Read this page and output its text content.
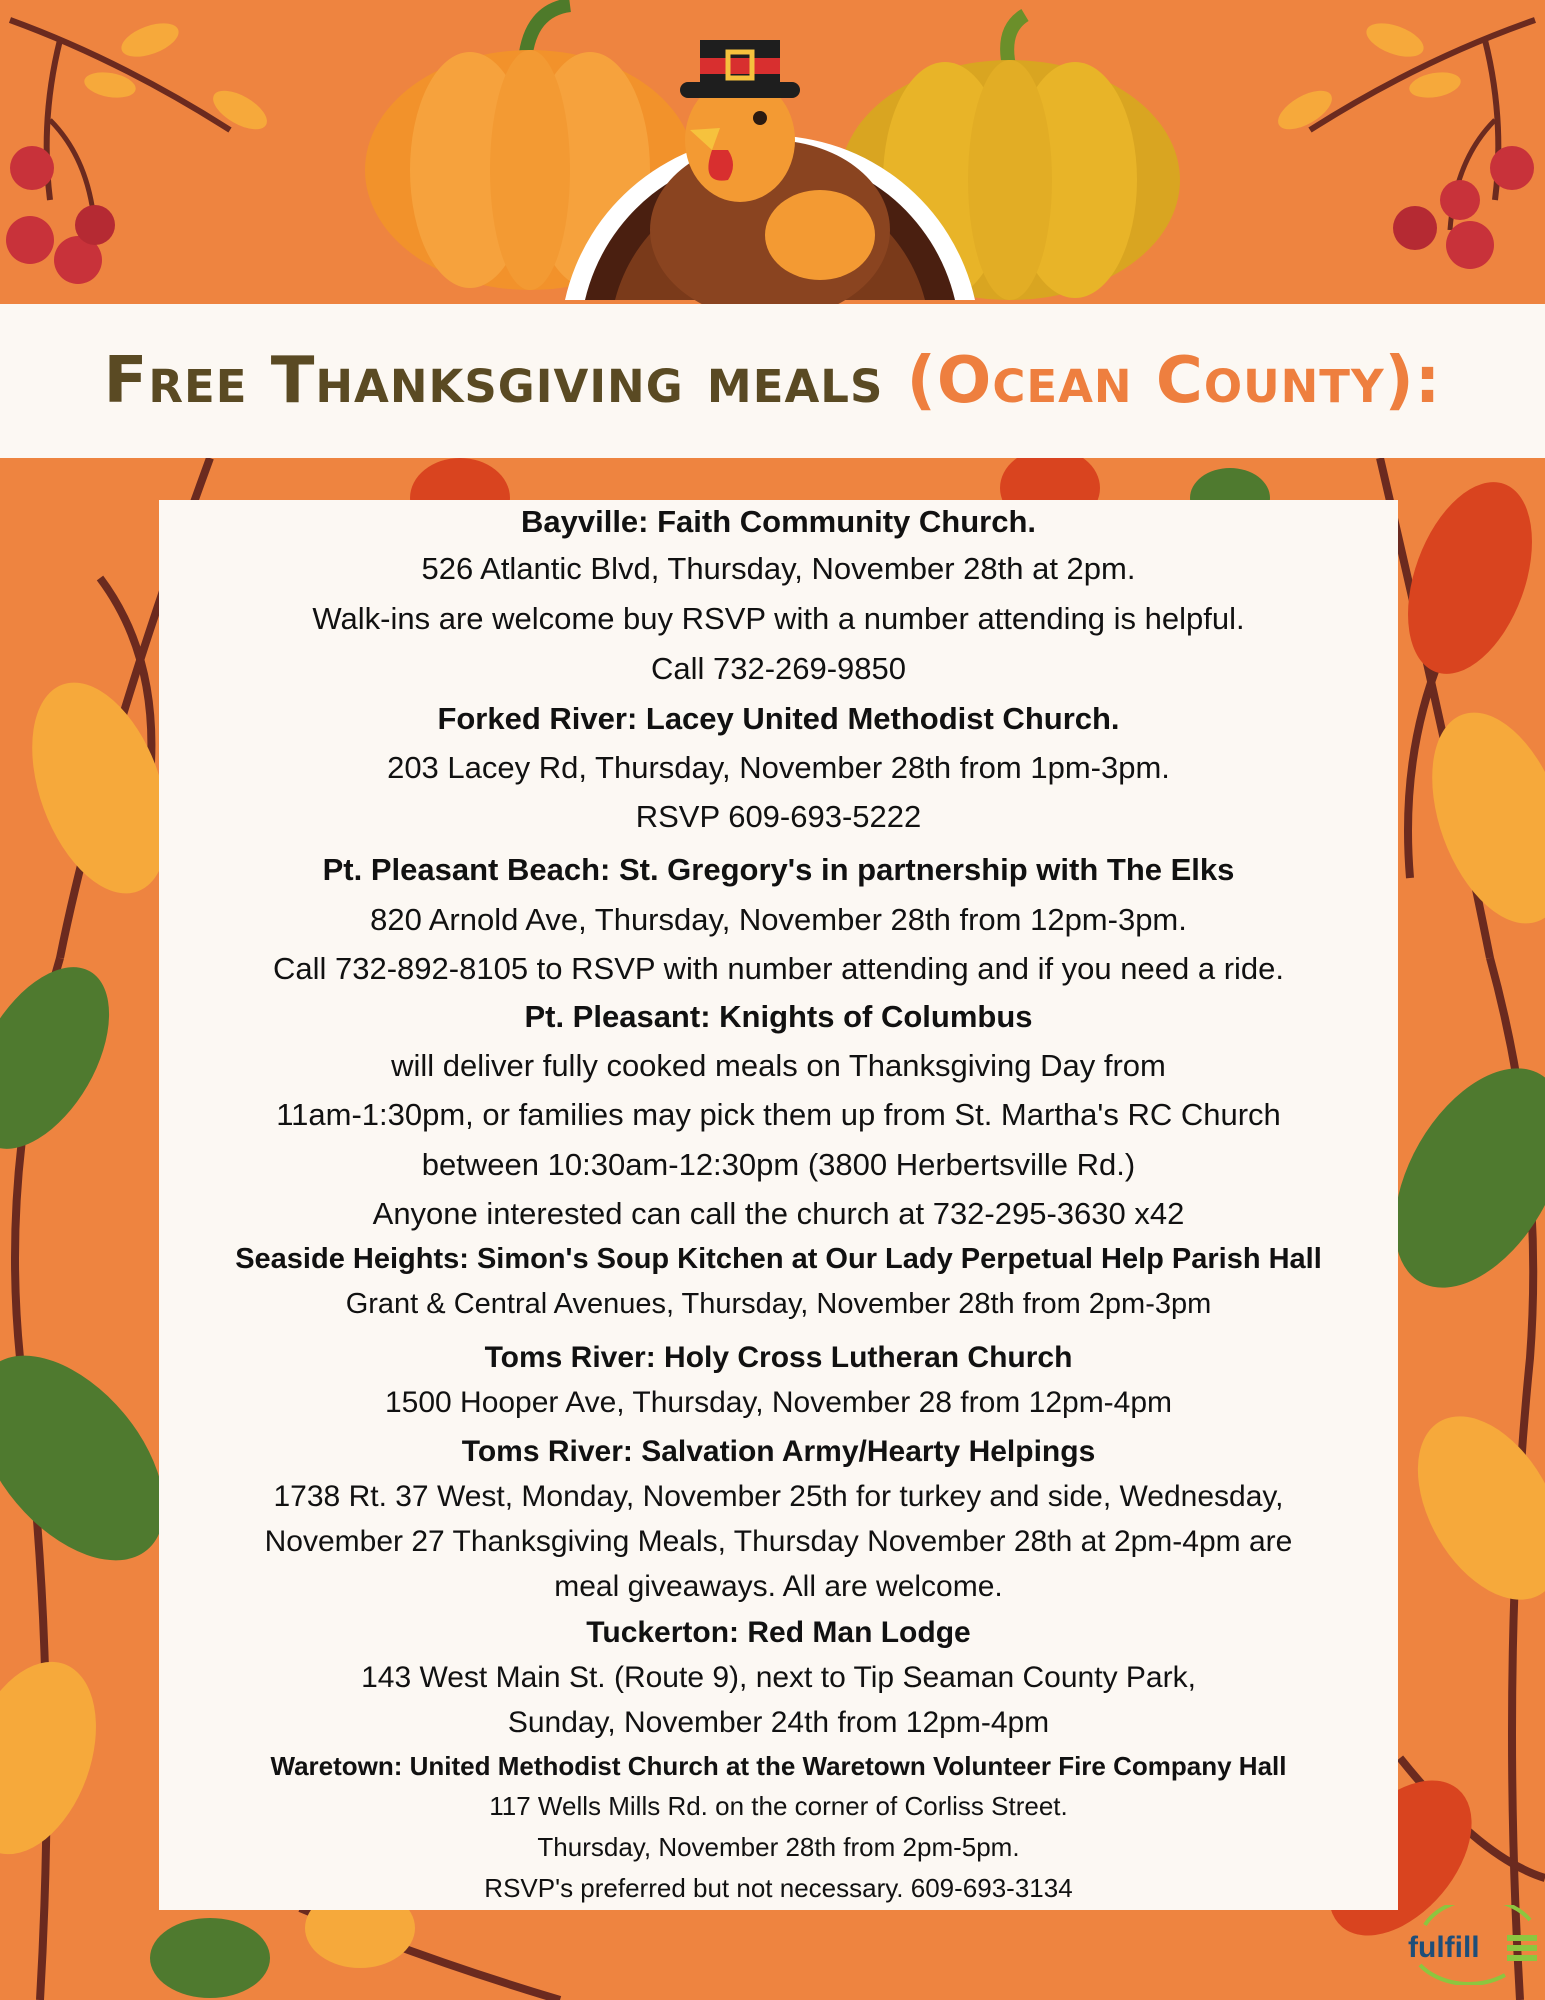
Free Thanksgiving meals (Ocean County):
Bayville: Faith Community Church.
526 Atlantic Blvd, Thursday, November 28th at 2pm.
Walk-ins are welcome buy RSVP with a number attending is helpful.
Call 732-269-9850
Forked River: Lacey United Methodist Church.
203 Lacey Rd, Thursday, November 28th from 1pm-3pm.
RSVP 609-693-5222
Pt. Pleasant Beach: St. Gregory's in partnership with The Elks
820 Arnold Ave, Thursday, November 28th from 12pm-3pm.
Call 732-892-8105 to RSVP with number attending and if you need a ride.
Pt. Pleasant: Knights of Columbus
will deliver fully cooked meals on Thanksgiving Day from
11am-1:30pm, or families may pick them up from St. Martha's RC Church
between 10:30am-12:30pm (3800 Herbertsville Rd.)
Anyone interested can call the church at 732-295-3630 x42
Seaside Heights: Simon's Soup Kitchen at Our Lady Perpetual Help Parish Hall
Grant & Central Avenues, Thursday, November 28th from 2pm-3pm
Toms River: Holy Cross Lutheran Church
1500 Hooper Ave, Thursday, November 28 from 12pm-4pm
Toms River: Salvation Army/Hearty Helpings
1738 Rt. 37 West, Monday, November 25th for turkey and side, Wednesday,
November 27 Thanksgiving Meals, Thursday November 28th at 2pm-4pm are
meal giveaways. All are welcome.
Tuckerton: Red Man Lodge
143 West Main St. (Route 9), next to Tip Seaman County Park,
Sunday, November 24th from 12pm-4pm
Waretown: United Methodist Church at the Waretown Volunteer Fire Company Hall
117 Wells Mills Rd. on the corner of Corliss Street.
Thursday, November 28th from 2pm-5pm.
RSVP's preferred but not necessary. 609-693-3134
fulfill
